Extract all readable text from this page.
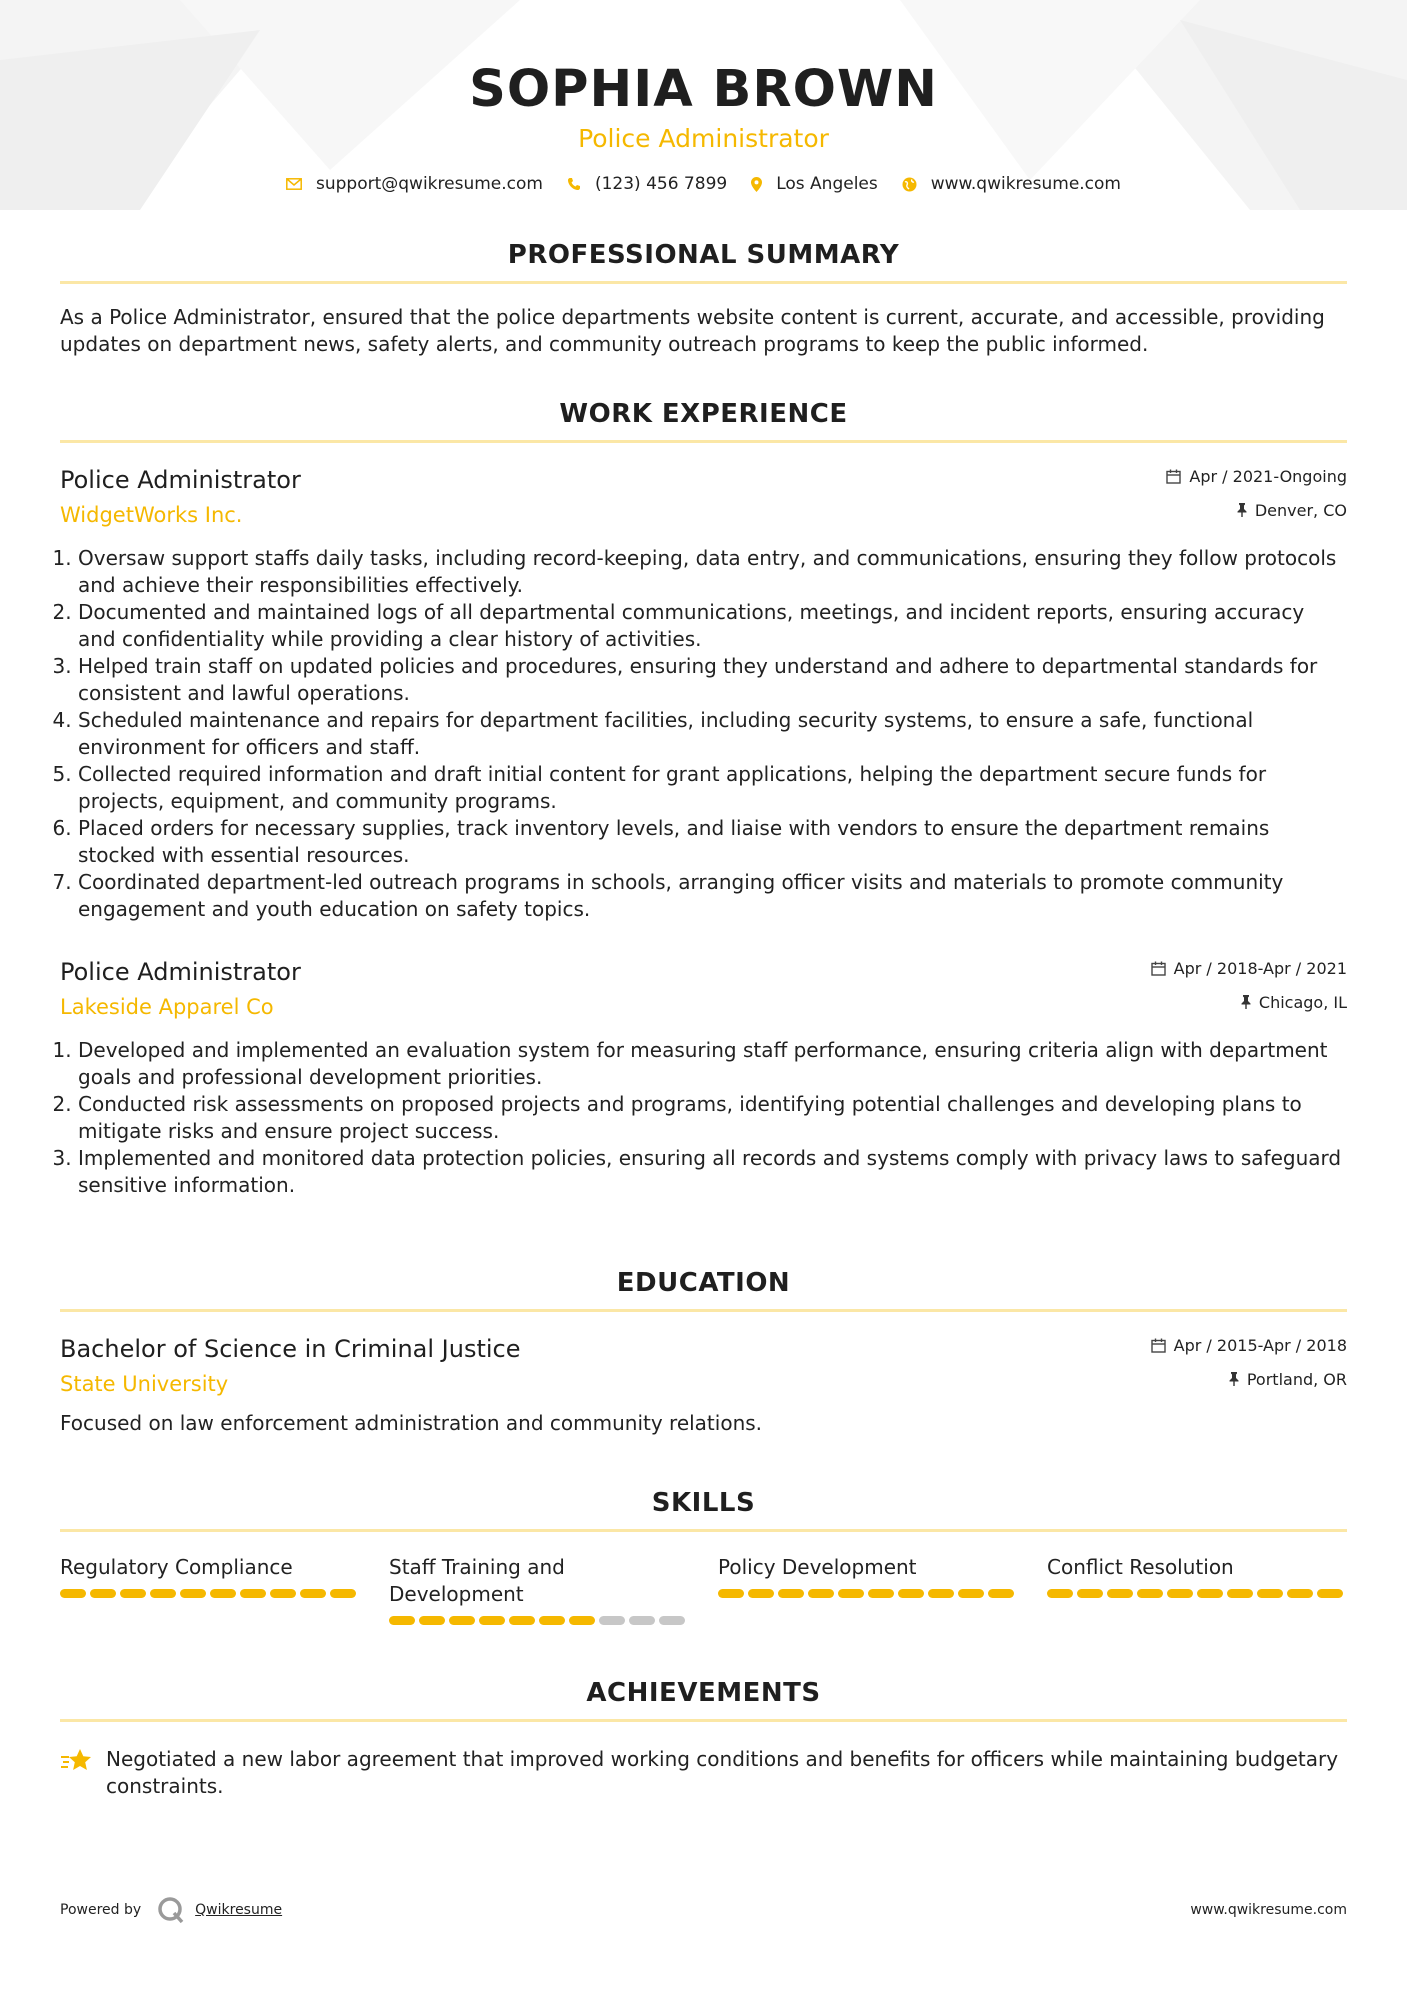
SOPHIA BROWN
Police Administrator
support@qwikresume.com	(123) 456 7899	Los Angeles	www.qwikresume.com
PROFESSIONAL SUMMARY

As a Police Administrator, ensured that the police departments website content is current, accurate, and accessible, providing updates on department news, safety alerts, and community outreach programs to keep the public informed.

WORK EXPERIENCE
Police Administrator
WidgetWorks Inc.
Apr / 2021-Ongoing
Denver, CO
1. Oversaw support staffs daily tasks, including record-keeping, data entry, and communications, ensuring they follow protocols and achieve their responsibilities effectively.
2. Documented and maintained logs of all departmental communications, meetings, and incident reports, ensuring accuracy and confidentiality while providing a clear history of activities.
3. Helped train staff on updated policies and procedures, ensuring they understand and adhere to departmental standards for consistent and lawful operations.
4. Scheduled maintenance and repairs for department facilities, including security systems, to ensure a safe, functional environment for officers and staff.
5. Collected required information and draft initial content for grant applications, helping the department secure funds for projects, equipment, and community programs.
6. Placed orders for necessary supplies, track inventory levels, and liaise with vendors to ensure the department remains stocked with essential resources.
7. Coordinated department-led outreach programs in schools, arranging officer visits and materials to promote community engagement and youth education on safety topics.
Police Administrator
Lakeside Apparel Co
Apr / 2018-Apr / 2021
Chicago, IL
1. Developed and implemented an evaluation system for measuring staff performance, ensuring criteria align with department goals and professional development priorities.
2. Conducted risk assessments on proposed projects and programs, identifying potential challenges and developing plans to mitigate risks and ensure project success.
3. Implemented and monitored data protection policies, ensuring all records and systems comply with privacy laws to safeguard sensitive information.
EDUCATION
Bachelor of Science in Criminal Justice
State University
Apr / 2015-Apr / 2018
Portland, OR

Focused on law enforcement administration and community relations.

SKILLS
Regulatory Compliance	Staff Training and Development
Policy Development	Conflict Resolution
ACHIEVEMENTS
Negotiated a new labor agreement that improved working conditions and benefits for officers while maintaining budgetary constraints.
Powered by	Qwikresume	www.qwikresume.com
